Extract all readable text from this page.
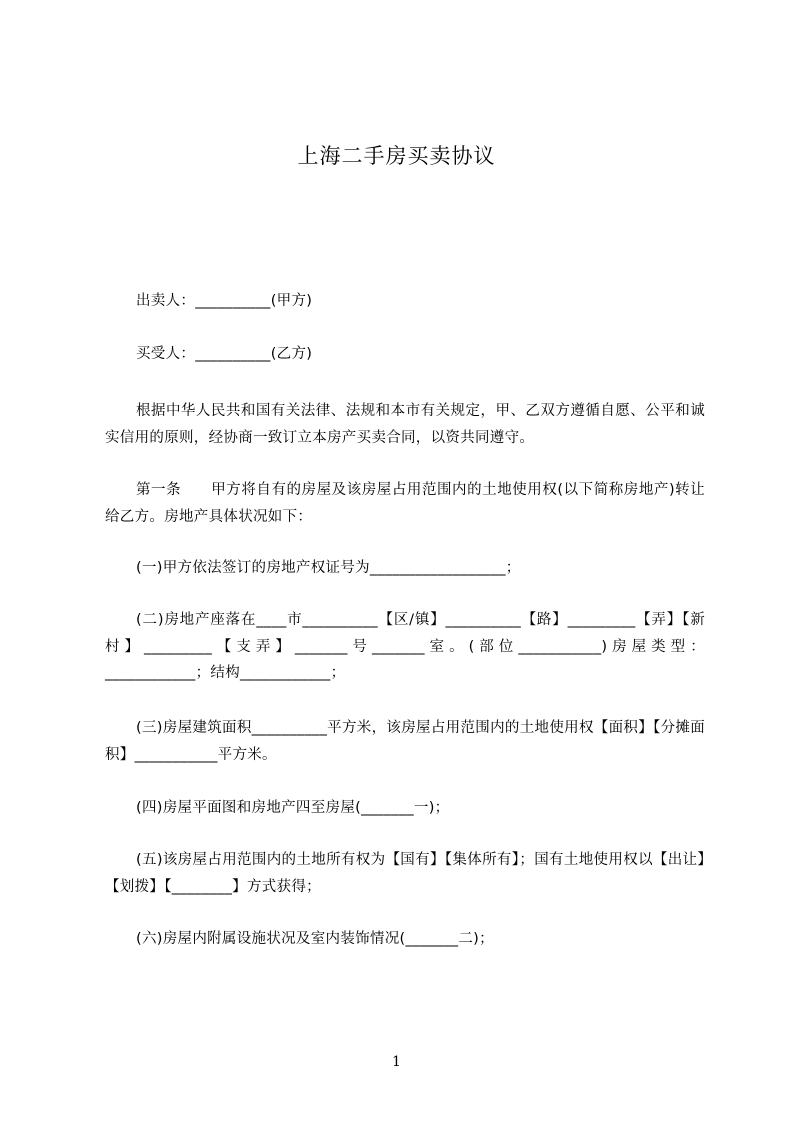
上海二手房买卖协议
出卖人：__________(甲方)
买受人：__________(乙方)
根据中华人民共和国有关法律、法规和本市有关规定，甲、乙双方遵循自愿、公平和诚实信用的原则，经协商一致订立本房产买卖合同，以资共同遵守。
第一条　　甲方将自有的房屋及该房屋占用范围内的土地使用权(以下简称房地产)转让给乙方。房地产具体状况如下：
(一)甲方依法签订的房地产权证号为__________________；
(二)房地产座落在____市__________【区/镇】__________【路】_________【弄】【新村】_________【支弄】_______号_______室。(部位___________)房屋类型：____________；结构____________；
(三)房屋建筑面积__________平方米，该房屋占用范围内的土地使用权【面积】【分摊面积】___________平方米。
(四)房屋平面图和房地产四至房屋(_______一)；
(五)该房屋占用范围内的土地所有权为【国有】【集体所有】；国有土地使用权以【出让】【划拨】【________】方式获得；
(六)房屋内附属设施状况及室内装饰情况(_______二)；
1
